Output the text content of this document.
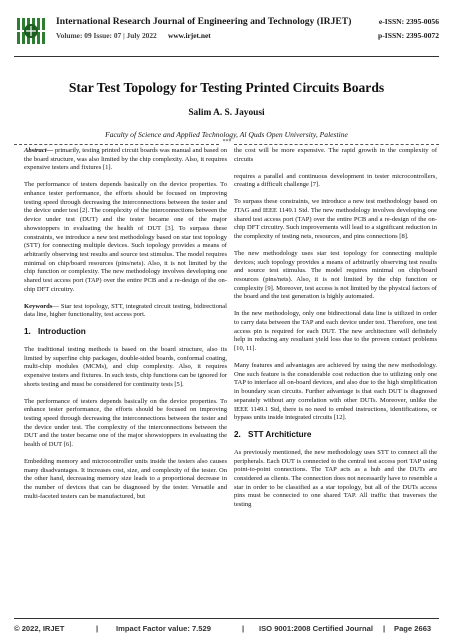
International Research Journal of Engineering and Technology (IRJET)
Volume: 09 Issue: 07 | July 2022 www.irjet.net
e-ISSN: 2395-0056
p-ISSN: 2395-0072
Star Test Topology for Testing Printed Circuits Boards
Salim A. S. Jayousi
Faculty of Science and Applied Technology, Al Quds Open University, Palestine
***

Abstract— primarily, testing printed circuit boards was manual and based on the board structure, was also limited by the chip complexity. Also, it requires expensive testers and fixtures [1].

The performance of testers depends basically on the device properties. To enhance tester performance, the efforts should be focused on improving testing speed through decreasing the interconnections between the tester and the device under test [2]. The complexity of the interconnections between the device under test (DUT) and the tester became one of the major showstoppers in evaluating the health of DUT [3]. To surpass these constraints, we introduce a new test methodology based on star test topology (STT) for connecting multiple devices. Such topology provides a means of arbitrarily observing test results and source test stimulus. The model requires minimal on chip/board resources (pins/nets). Also, it is not limited by the chip function or complexity. The new methodology involves developing one shared test access port (TAP) over the entire PCB and a re-design of the on-chip DFT circuitry.

Keywords— Star test topology, STT, integrated circuit testing, bidirectional data line, higher functionality, test access port.

1. Introduction

The traditional testing methods is based on the board structure, also its limited by superfine chip packages, double-sided boards, conformal coating, multi-chip modules (MCMs), and chip complexity. Also, it requires expensive testers and fixtures. In such tests, chip functions can be ignored for shorts testing and must be considered for continuity tests [5].

The performance of testers depends basically on the device properties. To enhance tester performance, the efforts should be focused on improving testing speed through decreasing the interconnections between the tester and the device under test. The complexity of the interconnections between the DUT and the tester became one of the major showstoppers in evaluating the health of DUT [6].

Embedding memory and microcontroller units inside the testers also causes many disadvantages. It increases cost, size, and complexity of the tester. On the other hand, decreasing memory size leads to a proportional decrease in the number of devices that can be diagnosed by the tester. Versatile and multi-faceted testers can be manufactured, but

the cost will be more expensive. The rapid growth in the complexity of circuits

requires a parallel and continuous development in tester microcontrollers, creating a difficult challenge [7].

To surpass these constraints, we introduce a new test methodology based on JTAG and IEEE 1149.1 Std. The new methodology involves developing one shared test access port (TAP) over the entire PCB and a re-design of the on-chip DFT circuitry. Such improvements will lead to a significant reduction in the complexity of testing nets, resources, and pins connections [8].

The new methodology uses star test topology for connecting multiple devices; such topology provides a means of arbitrarily observing test results and source test stimulus. The model requires minimal on chip/board resources (pins/nets). Also, it is not limited by the chip function or complexity [9]. Moreover, test access is not limited by the physical factors of the board and the test generation is highly automated.

In the new methodology, only one bidirectional data line is utilized in order to carry data between the TAP and each device under test. Therefore, one test access pin is required for each DUT. The new architecture will definitely help in reducing any resultant yield loss due to the proven contact problems [10, 11].

Many features and advantages are achieved by using the new methodology. One such feature is the considerable cost reduction due to utilizing only one TAP to interface all on-board devices, and also due to the high simplification in boundary scan circuits. Further advantage is that each DUT is diagnosed separately without any correlation with other DUTs. Moreover, unlike the IEEE 1149.1 Std, there is no need to embed instructions, identifications, or bypass units inside integrated circuits [12].

2. STT Architicture

As previously mentioned, the new methodology uses STT to connect all the peripherals. Each DUT is connected to the central test access port TAP using point-to-point connections. The TAP acts as a hub and the DUTs are considered as clients. The connection does not necessarily have to resemble a star in order to be classified as a star topology, but all of the DUTs access pins must be connected to one shared TAP. All traffic that traverses the testing

© 2022, IRJET	| Impact Factor value: 7.529	| ISO 9001:2008 Certified Journal | Page 2663
